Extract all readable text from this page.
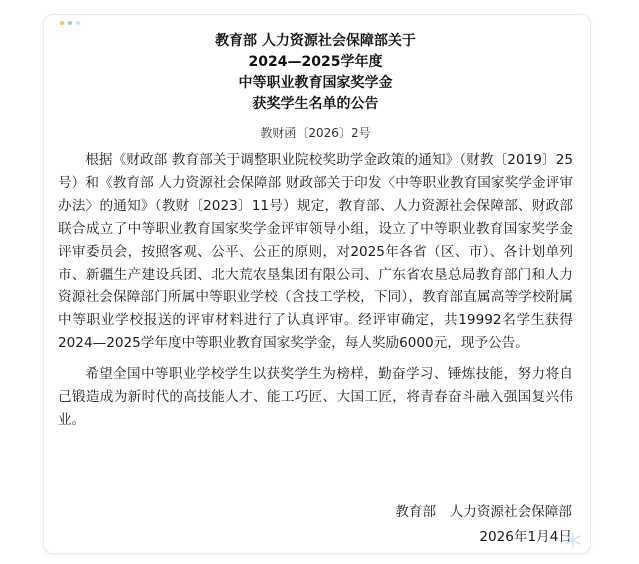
教育部 人力资源社会保障部关于
2024—2025学年度
中等职业教育国家奖学金
获奖学生名单的公告
教财函〔2026〕2号

根据《财政部 教育部关于调整职业院校奖助学金政策的通知》（财教〔2019〕25号）和《教育部 人力资源社会保障部 财政部关于印发〈中等职业教育国家奖学金评审办法〉的通知》（教财〔2023〕11号）规定，教育部、人力资源社会保障部、财政部联合成立了中等职业教育国家奖学金评审领导小组，设立了中等职业教育国家奖学金评审委员会，按照客观、公平、公正的原则，对2025年各省（区、市）、各计划单列市、新疆生产建设兵团、北大荒农垦集团有限公司、广东省农垦总局教育部门和人力资源社会保障部门所属中等职业学校（含技工学校，下同），教育部直属高等学校附属中等职业学校报送的评审材料进行了认真评审。经评审确定，共19992名学生获得2024—2025学年度中等职业教育国家奖学金，每人奖励6000元，现予公告。

希望全国中等职业学校学生以获奖学生为榜样，勤奋学习、锤炼技能，努力将自己锻造成为新时代的高技能人才、能工巧匠、大国工匠，将青春奋斗融入强国复兴伟业。

教育部　人力资源社会保障部
2026年1月4日
